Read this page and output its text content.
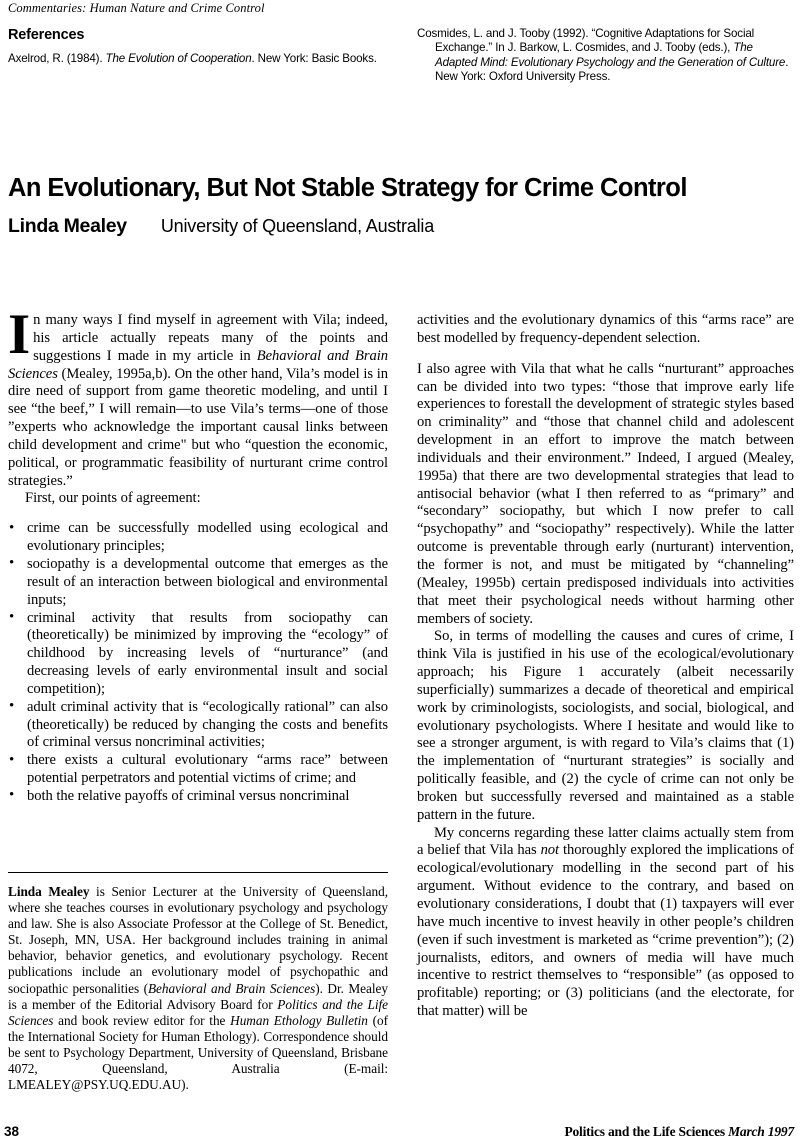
Commentaries: Human Nature and Crime Control
References

Axelrod, R. (1984). The Evolution of Cooperation. New York: Basic Books.

Cosmides, L. and J. Tooby (1992). “Cognitive Adaptations for Social Exchange.” In J. Barkow, L. Cosmides, and J. Tooby (eds.), The Adapted Mind: Evolutionary Psychology and the Generation of Culture. New York: Oxford University Press.

An Evolutionary, But Not Stable Strategy for Crime Control
Linda Mealey University of Queensland, Australia

In many ways I find myself in agreement with Vila; indeed, his article actually repeats many of the points and suggestions I made in my article in Behavioral and Brain Sciences (Mealey, 1995a,b). On the other hand, Vila’s model is in dire need of support from game theoretic modeling, and until I see “the beef,” I will remain—to use Vila’s terms—one of those ”experts who acknowledge the important causal links between child development and crime" but who “question the economic, political, or programmatic feasibility of nurturant crime control strategies.”

First, our points of agreement:

• crime can be successfully modelled using ecological and evolutionary principles;
• sociopathy is a developmental outcome that emerges as the result of an interaction between biological and environmental inputs;
• criminal activity that results from sociopathy can (theoretically) be minimized by improving the “ecology” of childhood by increasing levels of “nurturance” (and decreasing levels of early environmental insult and social competition);
• adult criminal activity that is “ecologically rational” can also (theoretically) be reduced by changing the costs and benefits of criminal versus noncriminal activities;
• there exists a cultural evolutionary “arms race” between potential perpetrators and potential victims of crime; and
• both the relative payoffs of criminal versus noncriminal

activities and the evolutionary dynamics of this “arms race” are best modelled by frequency-dependent selection.

I also agree with Vila that what he calls “nurturant” approaches can be divided into two types: “those that improve early life experiences to forestall the development of strategic styles based on criminality” and “those that channel child and adolescent development in an effort to improve the match between individuals and their environment.” Indeed, I argued (Mealey, 1995a) that there are two developmental strategies that lead to antisocial behavior (what I then referred to as “primary” and “secondary” sociopathy, but which I now prefer to call “psychopathy” and “sociopathy” respectively). While the latter outcome is preventable through early (nurturant) intervention, the former is not, and must be mitigated by “channeling” (Mealey, 1995b) certain predisposed individuals into activities that meet their psychological needs without harming other members of society.

So, in terms of modelling the causes and cures of crime, I think Vila is justified in his use of the ecological/evolutionary approach; his Figure 1 accurately (albeit necessarily superficially) summarizes a decade of theoretical and empirical work by criminologists, sociologists, and social, biological, and evolutionary psychologists. Where I hesitate and would like to see a stronger argument, is with regard to Vila’s claims that (1) the implementation of “nurturant strategies” is socially and politically feasible, and (2) the cycle of crime can not only be broken but successfully reversed and maintained as a stable pattern in the future.

My concerns regarding these latter claims actually stem from a belief that Vila has not thoroughly explored the implications of ecological/evolutionary modelling in the second part of his argument. Without evidence to the contrary, and based on evolutionary considerations, I doubt that (1) taxpayers will ever have much incentive to invest heavily in other people’s children (even if such investment is marketed as “crime prevention”); (2) journalists, editors, and owners of media will have much incentive to restrict themselves to “responsible” (as opposed to profitable) reporting; or (3) politicians (and the electorate, for that matter) will be

Linda Mealey is Senior Lecturer at the University of Queensland, where she teaches courses in evolutionary psychology and psychology and law. She is also Associate Professor at the College of St. Benedict, St. Joseph, MN, USA. Her background includes training in animal behavior, behavior genetics, and evolutionary psychology. Recent publications include an evolutionary model of psychopathic and sociopathic personalities (Behavioral and Brain Sciences). Dr. Mealey is a member of the Editorial Advisory Board for Politics and the Life Sciences and book review editor for the Human Ethology Bulletin (of the International Society for Human Ethology). Correspondence should be sent to Psychology Department, University of Queensland, Brisbane 4072, Queensland, Australia (E-mail: LMEALEY@PSY.UQ.EDU.AU).
38	Politics and the Life Sciences March 1997
